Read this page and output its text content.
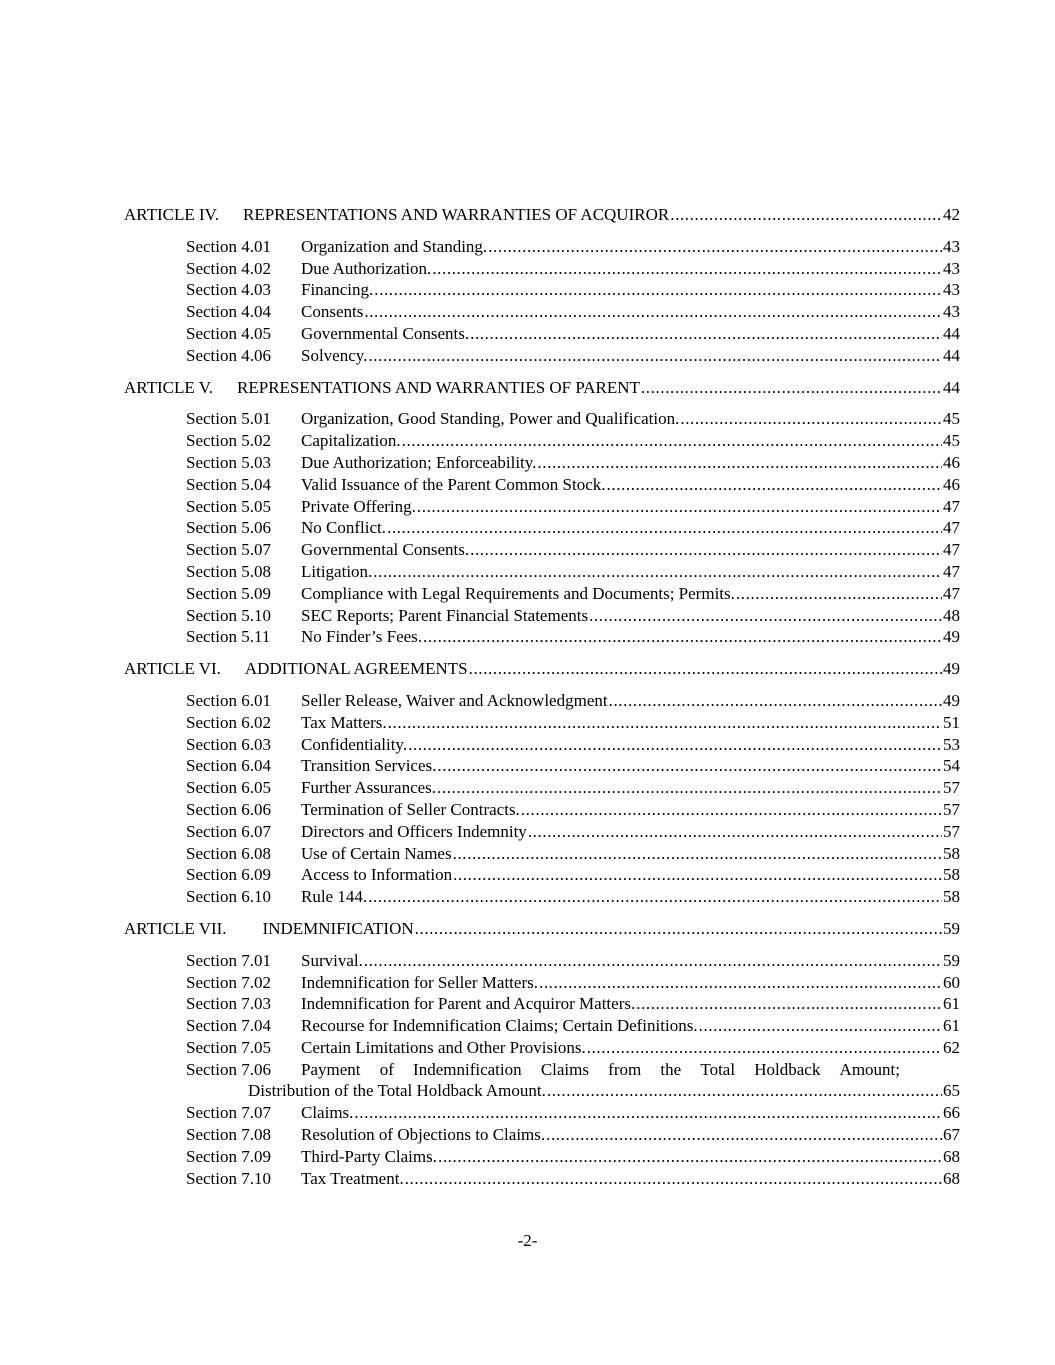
ARTICLE IV. REPRESENTATIONS AND WARRANTIES OF ACQUIROR .....	42
Section 4.01	Organization and Standing. .....	43
Section 4.02	Due Authorization. .....	43
Section 4.03	Financing. .....	43
Section 4.04	Consents .....	43
Section 4.05	Governmental Consents. .....	44
Section 4.06	Solvency. .....	44
ARTICLE V. REPRESENTATIONS AND WARRANTIES OF PARENT .....	44
Section 5.01	Organization, Good Standing, Power and Qualification. .....	45
Section 5.02	Capitalization. .....	45
Section 5.03	Due Authorization; Enforceability. .....	46
Section 5.04	Valid Issuance of the Parent Common Stock. .....	46
Section 5.05	Private Offering. .....	47
Section 5.06	No Conflict. .....	47
Section 5.07	Governmental Consents. .....	47
Section 5.08	Litigation. .....	47
Section 5.09	Compliance with Legal Requirements and Documents; Permits. .....	47
Section 5.10	SEC Reports; Parent Financial Statements .....	48
Section 5.11	No Finder’s Fees. .....	49
ARTICLE VI. ADDITIONAL AGREEMENTS .....	49
Section 6.01	Seller Release, Waiver and Acknowledgment .....	49
Section 6.02	Tax Matters. .....	51
Section 6.03	Confidentiality. .....	53
Section 6.04	Transition Services. .....	54
Section 6.05	Further Assurances. .....	57
Section 6.06	Termination of Seller Contracts. .....	57
Section 6.07	Directors and Officers Indemnity .....	57
Section 6.08	Use of Certain Names .....	58
Section 6.09	Access to Information .....	58
Section 6.10	Rule 144. .....	58
ARTICLE VII. INDEMNIFICATION .....	59
Section 7.01	Survival. .....	59
Section 7.02	Indemnification for Seller Matters. .....	60
Section 7.03	Indemnification for Parent and Acquiror Matters. .....	61
Section 7.04	Recourse for Indemnification Claims; Certain Definitions. .....	61
Section 7.05	Certain Limitations and Other Provisions. .....	62
Section 7.06	Payment of Indemnification Claims from the Total Holdback Amount;
Distribution of the Total Holdback Amount. .....	65
Section 7.07	Claims. .....	66
Section 7.08	Resolution of Objections to Claims. .....	67
Section 7.09	Third-Party Claims. .....	68
Section 7.10	Tax Treatment. .....	68
-2-
